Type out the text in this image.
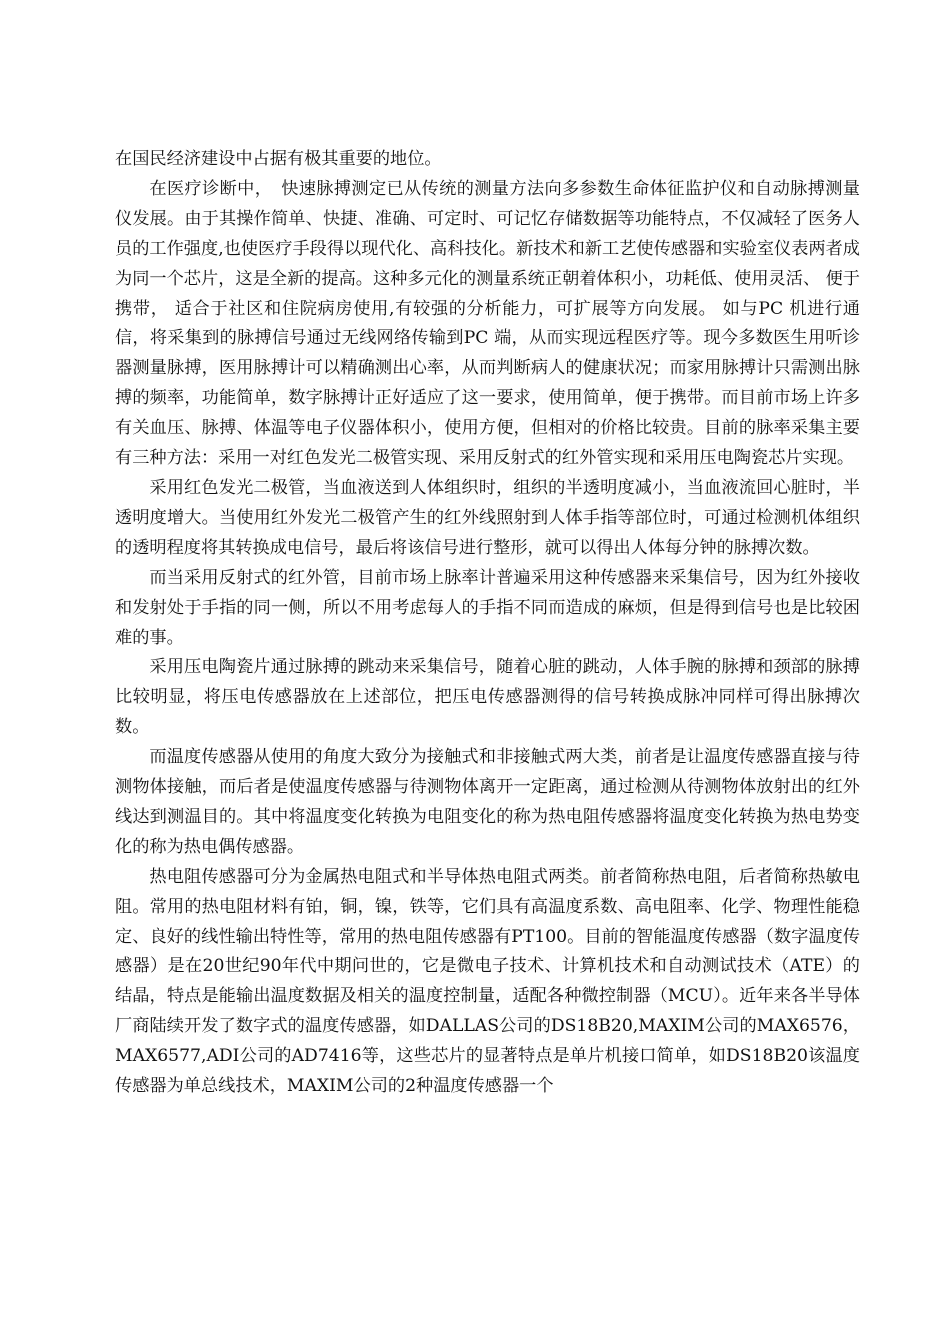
在国民经济建设中占据有极其重要的地位。

在医疗诊断中，　快速脉搏测定已从传统的测量方法向多参数生命体征监护仪和自动脉搏测量仪发展。由于其操作简单、快捷、准确、可定时、可记忆存储数据等功能特点，不仅减轻了医务人员的工作强度,也使医疗手段得以现代化、高科技化。新技术和新工艺使传感器和实验室仪表两者成为同一个芯片，这是全新的提高。这种多元化的测量系统正朝着体积小，功耗低、使用灵活、 便于携带， 适合于社区和住院病房使用,有较强的分析能力，可扩展等方向发展。 如与PC 机进行通信，将采集到的脉搏信号通过无线网络传输到PC 端，从而实现远程医疗等。现今多数医生用听诊器测量脉搏，医用脉搏计可以精确测出心率，从而判断病人的健康状况；而家用脉搏计只需测出脉搏的频率，功能简单，数字脉搏计正好适应了这一要求，使用简单，便于携带。而目前市场上许多有关血压、脉搏、体温等电子仪器体积小，使用方便，但相对的价格比较贵。目前的脉率采集主要有三种方法：采用一对红色发光二极管实现、采用反射式的红外管实现和采用压电陶瓷芯片实现。

采用红色发光二极管，当血液送到人体组织时，组织的半透明度减小，当血液流回心脏时，半透明度增大。当使用红外发光二极管产生的红外线照射到人体手指等部位时，可通过检测机体组织的透明程度将其转换成电信号，最后将该信号进行整形，就可以得出人体每分钟的脉搏次数。

而当采用反射式的红外管，目前市场上脉率计普遍采用这种传感器来采集信号，因为红外接收和发射处于手指的同一侧，所以不用考虑每人的手指不同而造成的麻烦，但是得到信号也是比较困难的事。

采用压电陶瓷片通过脉搏的跳动来采集信号，随着心脏的跳动，人体手腕的脉搏和颈部的脉搏比较明显，将压电传感器放在上述部位，把压电传感器测得的信号转换成脉冲同样可得出脉搏次数。

而温度传感器从使用的角度大致分为接触式和非接触式两大类，前者是让温度传感器直接与待测物体接触，而后者是使温度传感器与待测物体离开一定距离，通过检测从待测物体放射出的红外线达到测温目的。其中将温度变化转换为电阻变化的称为热电阻传感器将温度变化转换为热电势变化的称为热电偶传感器。

热电阻传感器可分为金属热电阻式和半导体热电阻式两类。前者简称热电阻，后者简称热敏电阻。常用的热电阻材料有铂，铜，镍，铁等，它们具有高温度系数、高电阻率、化学、物理性能稳定、良好的线性输出特性等，常用的热电阻传感器有PT100。目前的智能温度传感器（数字温度传感器）是在20世纪90年代中期问世的，它是微电子技术、计算机技术和自动测试技术（ATE）的结晶，特点是能输出温度数据及相关的温度控制量，适配各种微控制器（MCU）。近年来各半导体厂商陆续开发了数字式的温度传感器，如DALLAS公司的DS18B20,MAXIM公司的MAX6576，MAX6577,ADI公司的AD7416等，这些芯片的显著特点是单片机接口简单，如DS18B20该温度传感器为单总线技术，MAXIM公司的2种温度传感器一个
